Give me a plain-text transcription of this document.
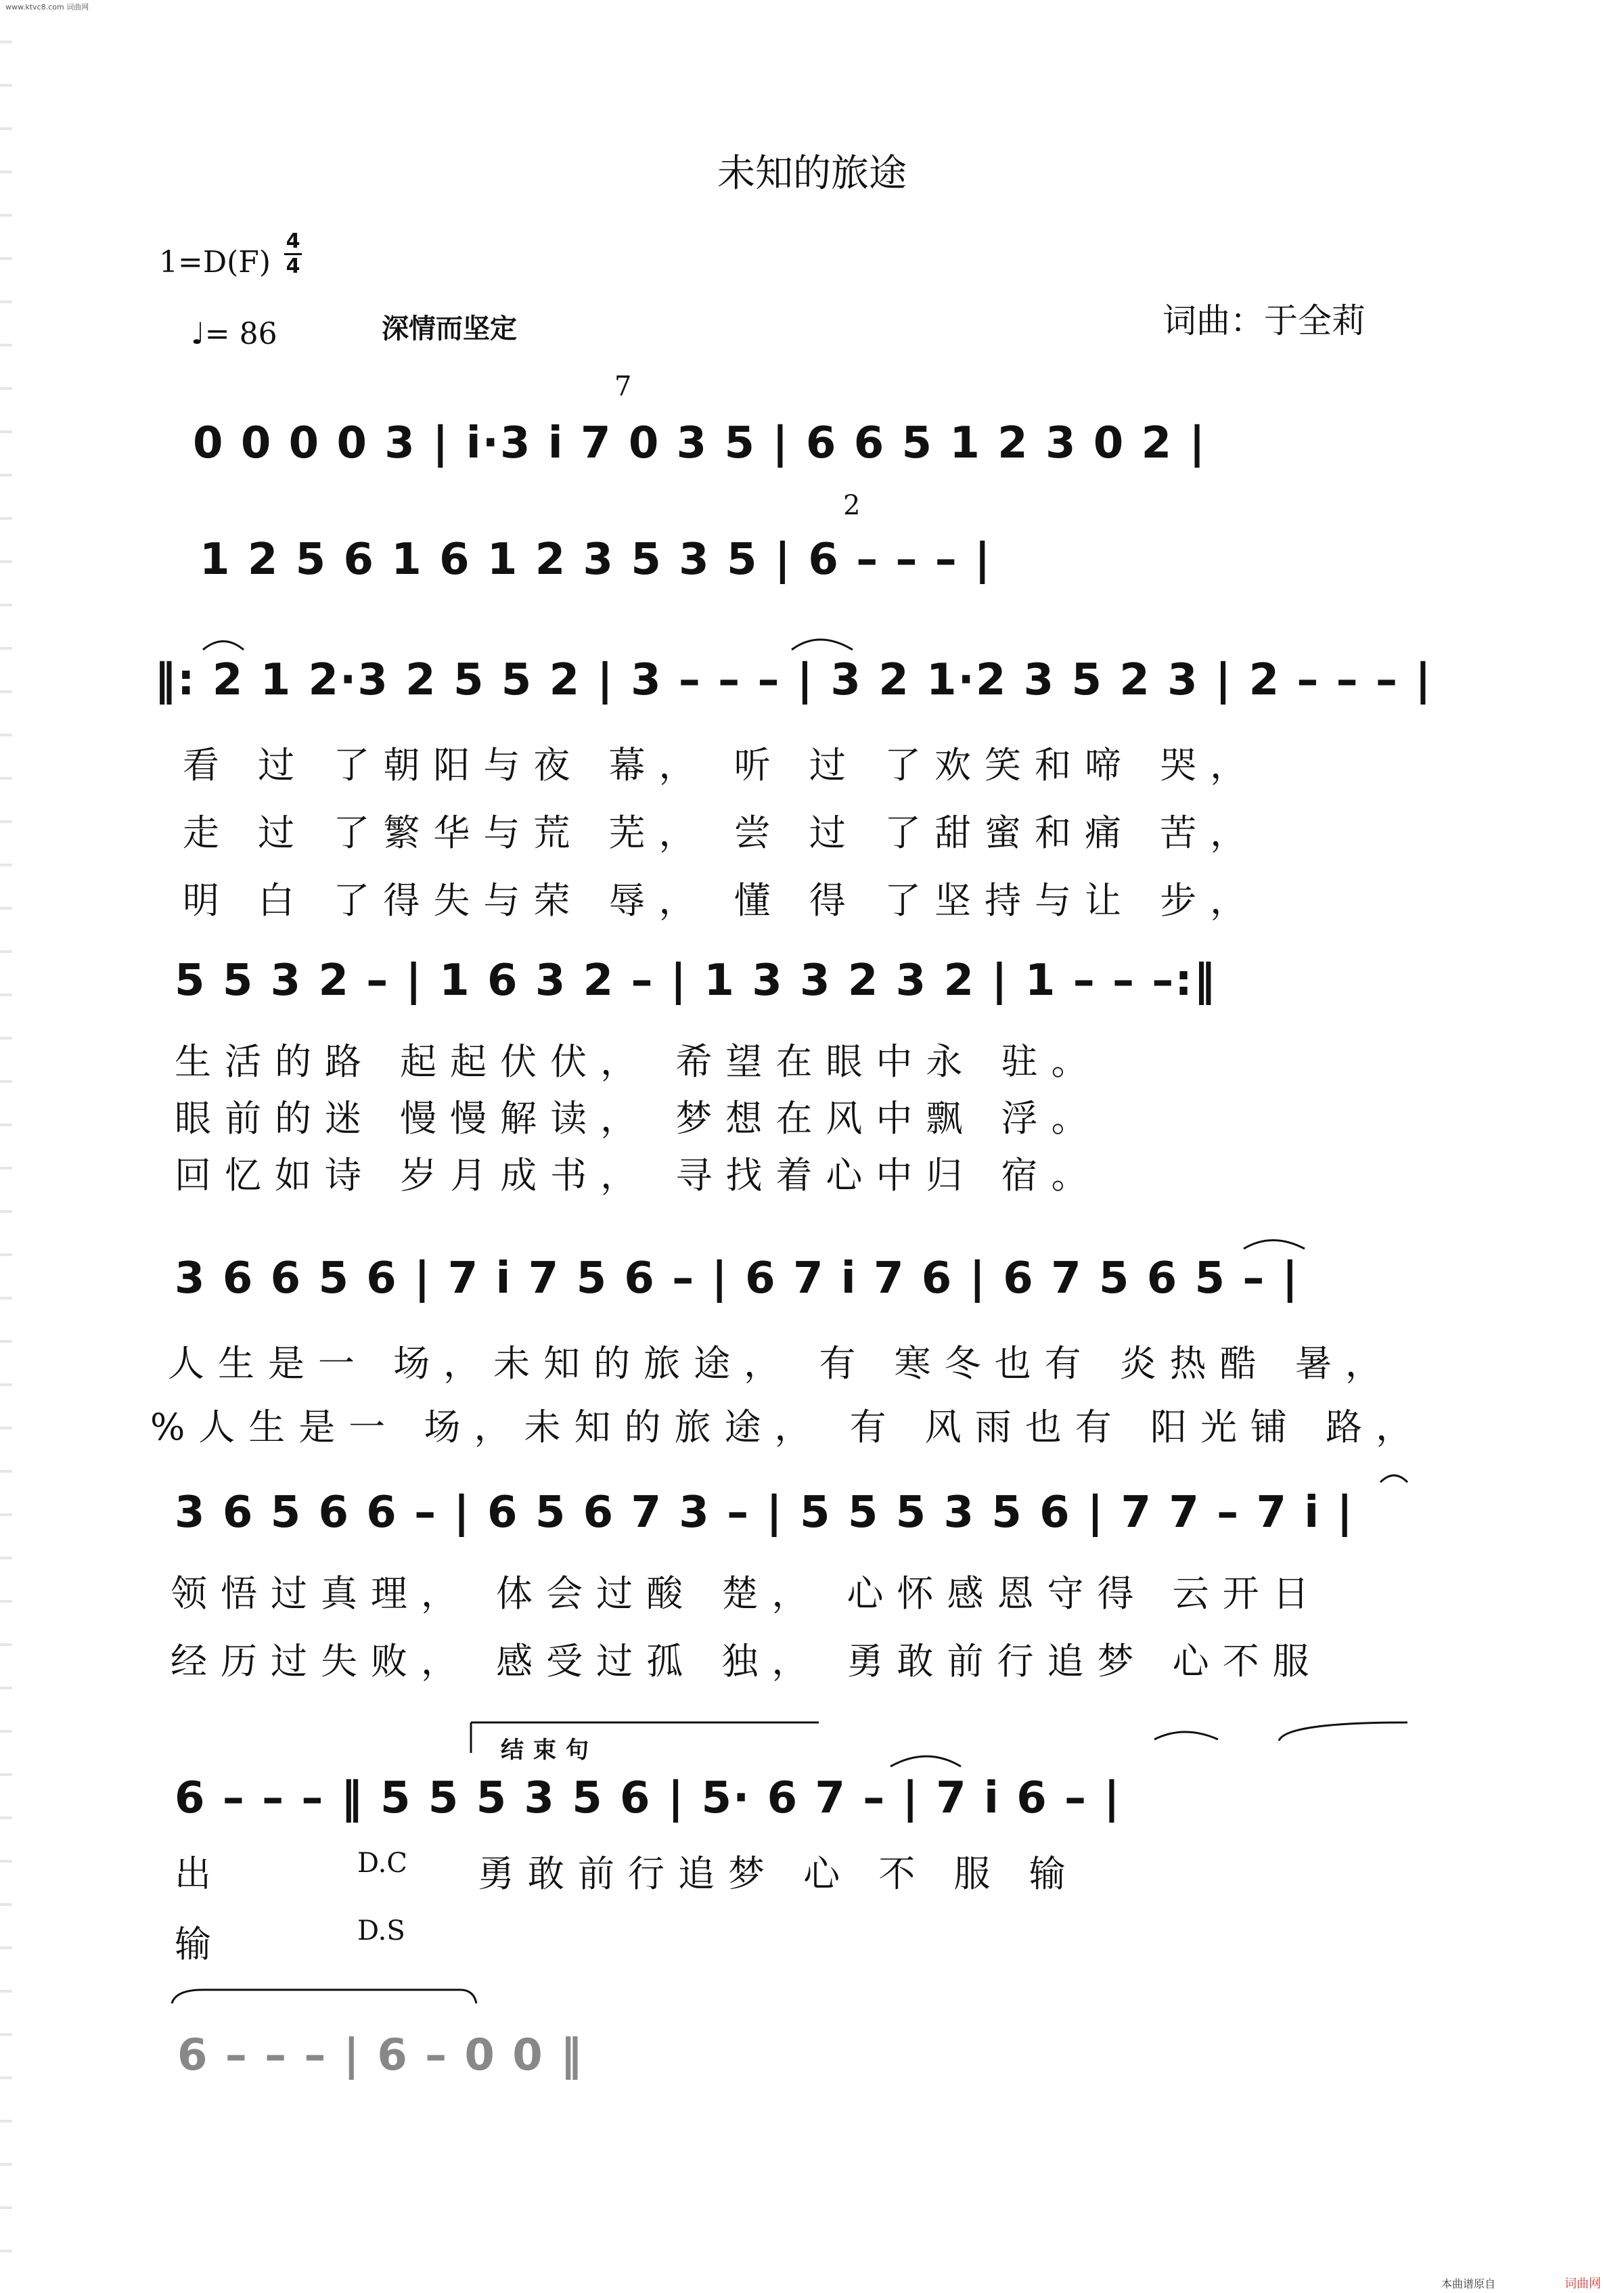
www.ktvc8.com 词曲网
未知的旅途
1=D(F)
4
4
♩= 86	深情而坚定	词曲：于全莉
0 0 0 0 3 | i·3 i 7 0 3 5 | 6 6 5 1 2 3 0 2 |
7
1 2 5 6 1 6 1 2 3 5 3 5 | 6 – – – |
2
‖: 2 1 2·3 2 5 5 2 | 3 – – – | 3 2 1·2 3 5 2 3 | 2 – – – |
看 过 了朝阳与夜 幕， 听 过 了欢笑和啼 哭，
走 过 了繁华与荒 芜， 尝 过 了甜蜜和痛 苦，
明 白 了得失与荣 辱， 懂 得 了坚持与让 步，
5 5 3 2 – | 1 6 3 2 – | 1 3 3 2 3 2 | 1 – – –:‖
生活的路 起起伏伏， 希望在眼中永 驻。
眼前的迷 慢慢解读， 梦想在风中飘 浮。
回忆如诗 岁月成书， 寻找着心中归 宿。
3 6 6 5 6 | 7 i 7 5 6 – | 6 7 i 7 6 | 6 7 5 6 5 – |
人生是一 场，未知的旅途， 有 寒冬也有 炎热酷 暑，
%人生是一 场，未知的旅途， 有 风雨也有 阳光铺 路，
3 6 5 6 6 – | 6 5 6 7 3 – | 5 5 5 3 5 6 | 7 7 – 7 i |
领悟过真理， 体会过酸 楚， 心怀感恩守得 云开日
经历过失败， 感受过孤 独， 勇敢前行追梦 心不服
结束句
6 – – – ‖ 5 5 5 3 5 6 | 5· 6 7 – | 7 i 6 – |
出	D.C 勇敢前行追梦 心 不 服 输
输	D.S
6 – – – | 6 – 0 0 ‖
本曲谱原自	词曲网
